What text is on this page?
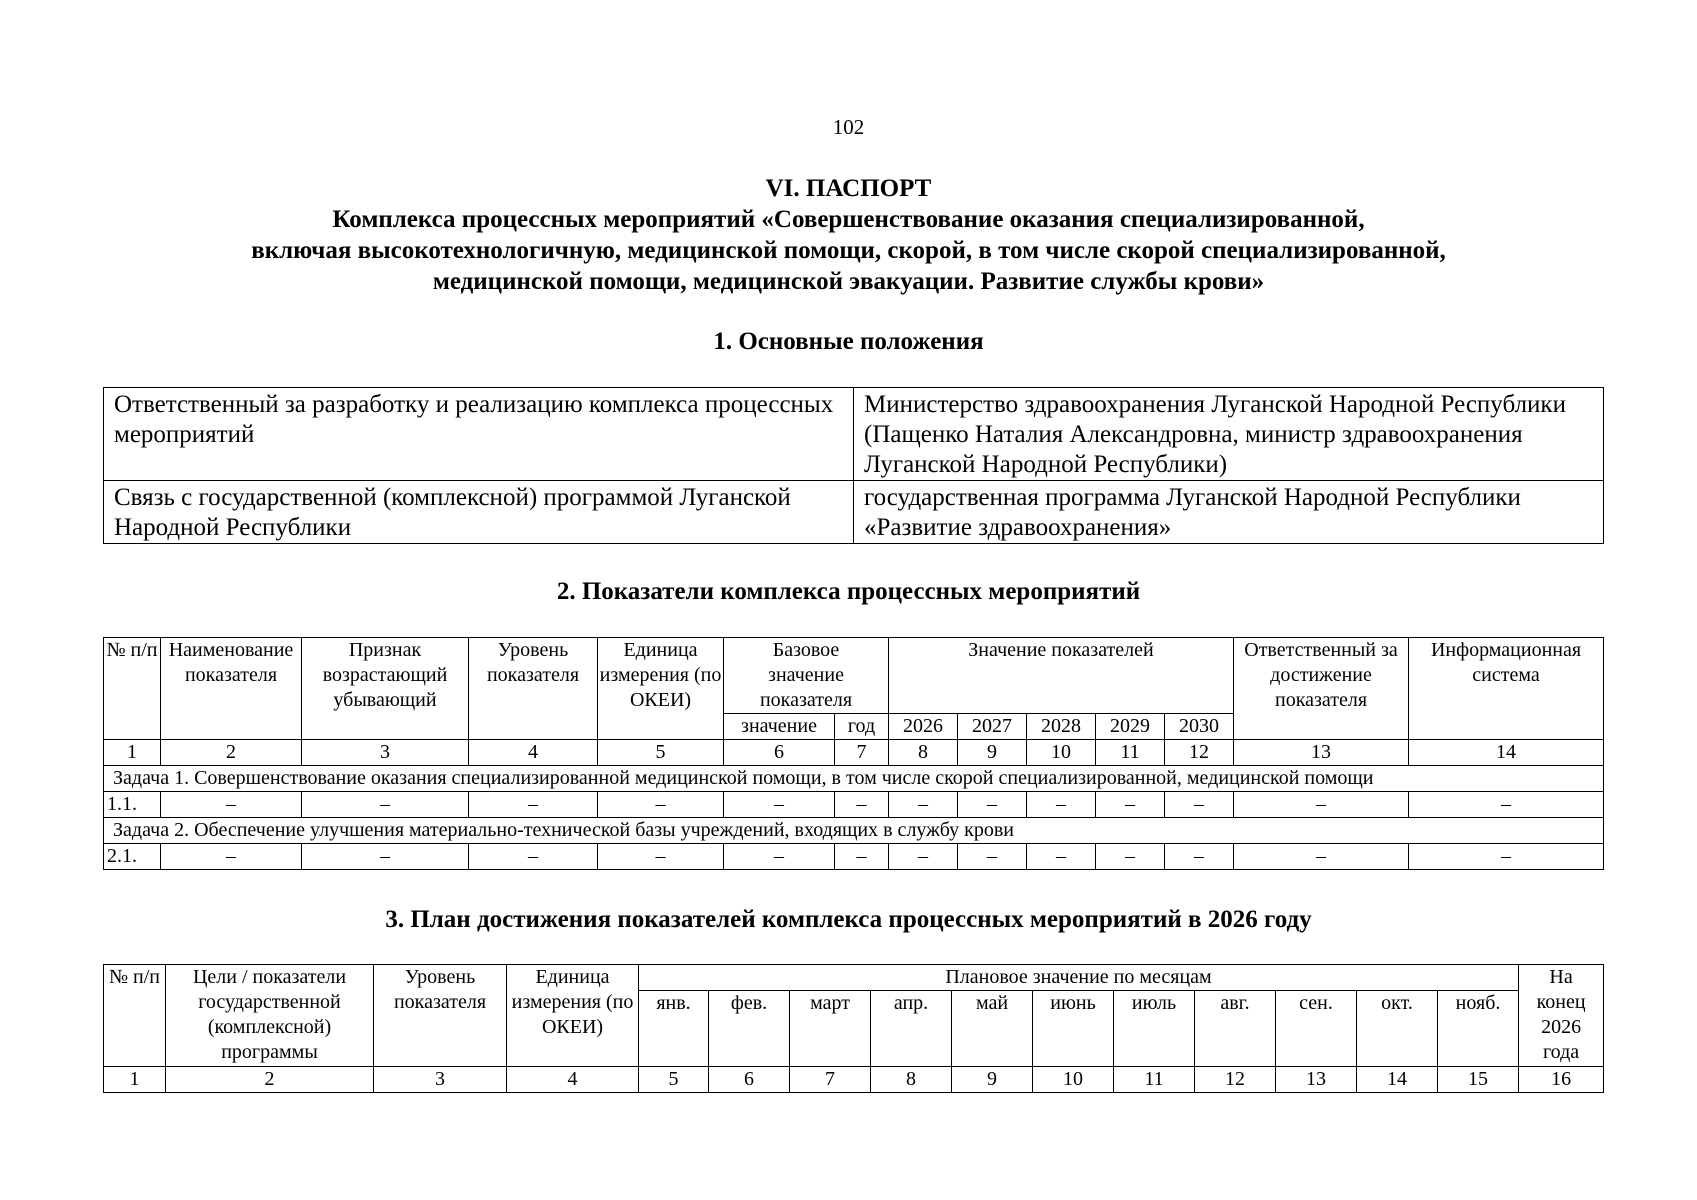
102
VI. ПАСПОРТ
Комплекса процессных мероприятий «Совершенствование оказания специализированной,
включая высокотехнологичную, медицинской помощи, скорой, в том числе скорой специализированной,
медицинской помощи, медицинской эвакуации. Развитие службы крови»
1. Основные положения
Ответственный за разработку и реализацию комплекса процессных мероприятий	Министерство здравоохранения Луганской Народной Республики (Пащенко Наталия Александровна, министр здравоохранения Луганской Народной Республики)
Связь с государственной (комплексной) программой Луганской Народной Республики	государственная программа Луганской Народной Республики «Развитие здравоохранения»
2. Показатели комплекса процессных мероприятий
№ п/п	Наименование показателя	Признак возрастающий убывающий	Уровень показателя	Единица измерения (по ОКЕИ)	Базовое значение показателя		Значение показателей					Ответственный за достижение показателя	Информационная система
					значение	год	2026	2027	2028	2029	2030		
1	2	3	4	5	6	7	8	9	10	11	12	13	14
Задача 1. Совершенствование оказания специализированной медицинской помощи, в том числе скорой специализированной, медицинской помощи													
1.1.	–	–	–	–	–	–	–	–	–	–	–	–	–
Задача 2. Обеспечение улучшения материально-технической базы учреждений, входящих в службу крови													
2.1.	–	–	–	–	–	–	–	–	–	–	–	–	–
3. План достижения показателей комплекса процессных мероприятий в 2026 году
№ п/п	Цели / показатели государственной (комплексной) программы	Уровень показателя	Единица измерения (по ОКЕИ)	Плановое значение по месяцам											На конец 2026 года
				янв.	фев.	март	апр.	май	июнь	июль	авг.	сен.	окт.	нояб.	
1	2	3	4	5	6	7	8	9	10	11	12	13	14	15	16
